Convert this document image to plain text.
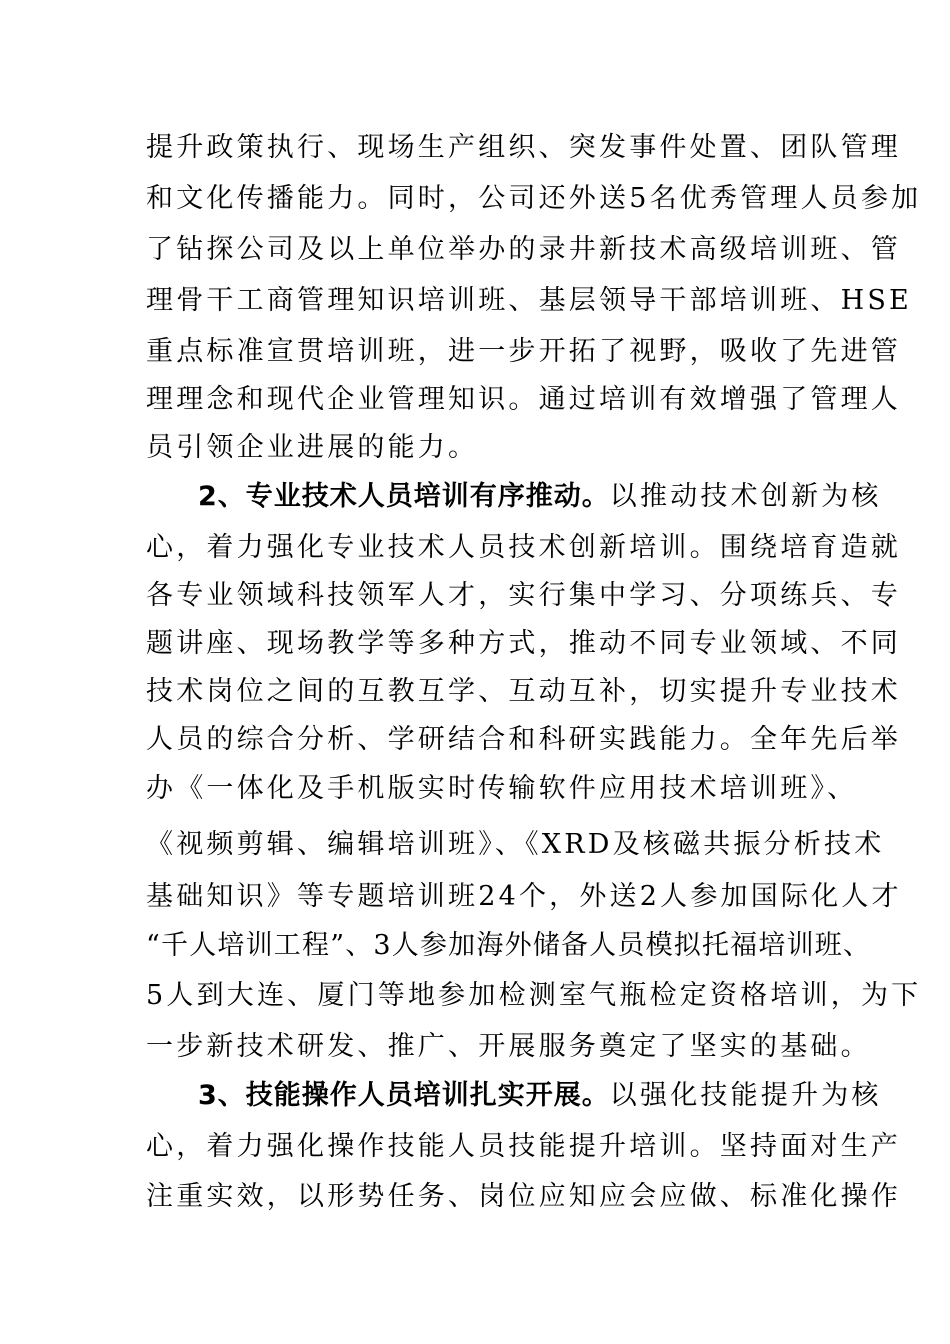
提升政策执行、现场生产组织、突发事件处置、团队管理
和文化传播能力。同时，公司还外送5名优秀管理人员参加
了钻探公司及以上单位举办的录井新技术高级培训班、管
理骨干工商管理知识培训班、基层领导干部培训班、HSE
重点标准宣贯培训班，进一步开拓了视野，吸收了先进管
理理念和现代企业管理知识。通过培训有效增强了管理人
员引领企业进展的能力。
2、专业技术人员培训有序推动。以推动技术创新为核
心，着力强化专业技术人员技术创新培训。围绕培育造就
各专业领域科技领军人才，实行集中学习、分项练兵、专
题讲座、现场教学等多种方式，推动不同专业领域、不同
技术岗位之间的互教互学、互动互补，切实提升专业技术
人员的综合分析、学研结合和科研实践能力。全年先后举
办《一体化及手机版实时传输软件应用技术培训班》、
《视频剪辑、编辑培训班》、《XRD及核磁共振分析技术
基础知识》等专题培训班24个，外送2人参加国际化人才
“千人培训工程”、3人参加海外储备人员模拟托福培训班、
5人到大连、厦门等地参加检测室气瓶检定资格培训，为下
一步新技术研发、推广、开展服务奠定了坚实的基础。
3、技能操作人员培训扎实开展。以强化技能提升为核
心，着力强化操作技能人员技能提升培训。坚持面对生产
注重实效，以形势任务、岗位应知应会应做、标准化操作
